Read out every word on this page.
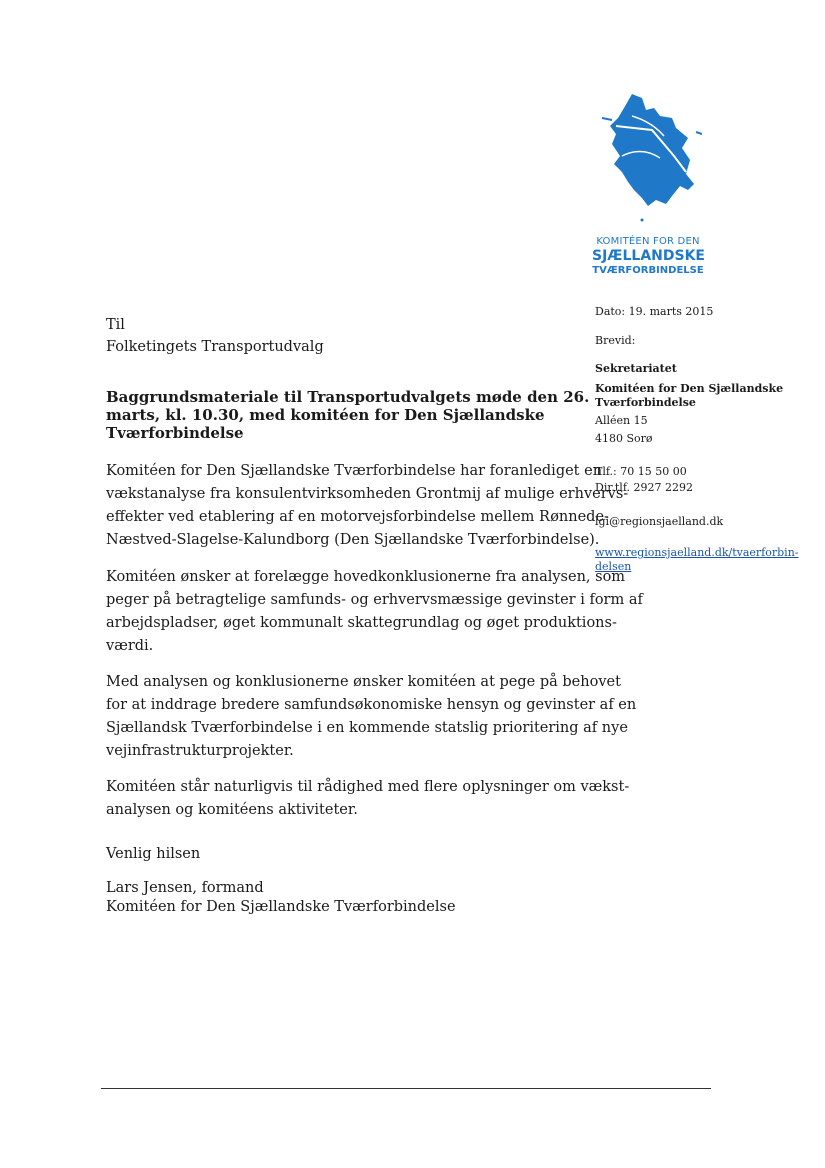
KOMITÉEN FOR DEN
SJÆLLANDSKE
TVÆRFORBINDELSE
Til
Folketingets Transportudvalg
Baggrundsmateriale til Transportudvalgets møde den 26.
marts, kl. 10.30, med komitéen for Den Sjællandske
Tværforbindelse
Komitéen for Den Sjællandske Tværforbindelse har foranlediget en
vækstanalyse fra konsulentvirksomheden Grontmij af mulige erhvervs-
effekter ved etablering af en motorvejsforbindelse mellem Rønnede-
Næstved-Slagelse-Kalundborg (Den Sjællandske Tværforbindelse).
Komitéen ønsker at forelægge hovedkonklusionerne fra analysen, som
peger på betragtelige samfunds- og erhvervsmæssige gevinster i form af
arbejdspladser, øget kommunalt skattegrundlag og øget produktions-
værdi.
Med analysen og konklusionerne ønsker komitéen at pege på behovet
for at inddrage bredere samfundsøkonomiske hensyn og gevinster af en
Sjællandsk Tværforbindelse i en kommende statslig prioritering af nye
vejinfrastrukturprojekter.
Komitéen står naturligvis til rådighed med flere oplysninger om vækst-
analysen og komitéens aktiviteter.
Venlig hilsen
Lars Jensen, formand
Komitéen for Den Sjællandske Tværforbindelse
Dato: 19. marts 2015
Brevid:
Sekretariatet
Komitéen for Den Sjællandske
Tværforbindelse
Alléen 15
4180 Sorø
Tlf.: 70 15 50 00
Dir.tlf. 2927 2292
lgi@regionsjaelland.dk
www.regionsjaelland.dk/tvaerforbin-
delsen
